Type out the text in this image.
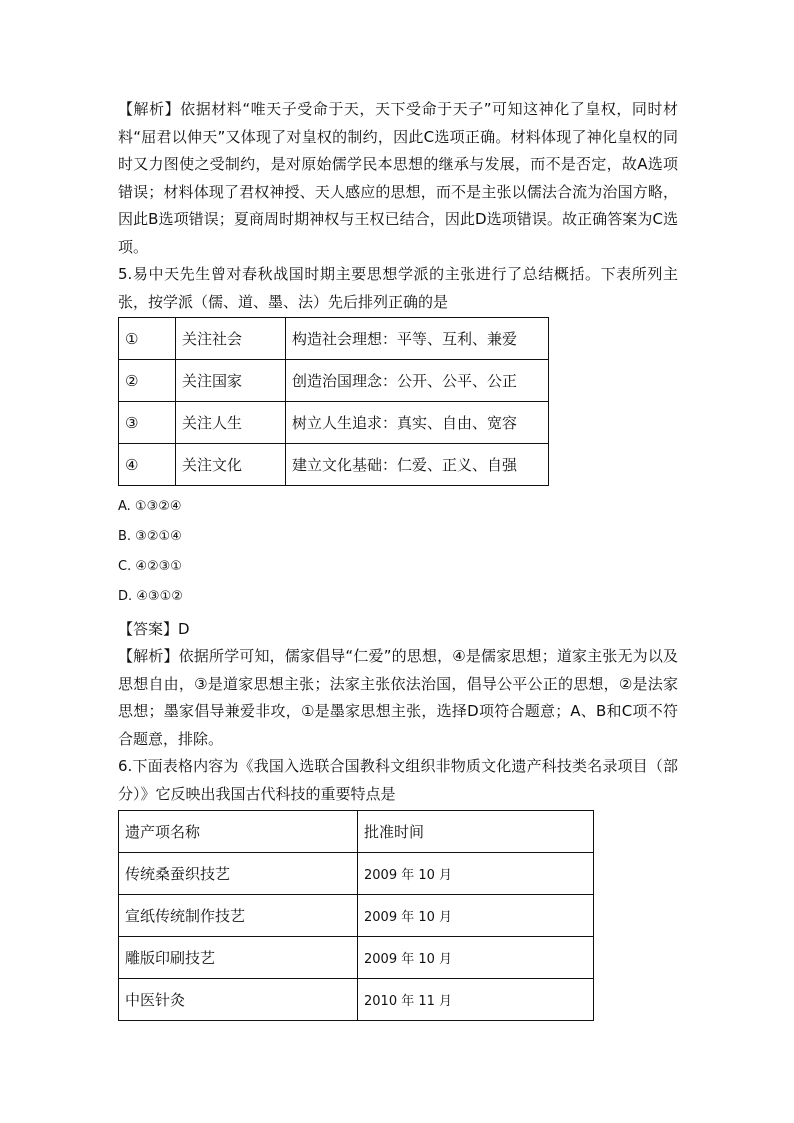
【解析】依据材料“唯天子受命于天，天下受命于天子”可知这神化了皇权，同时材料“屈君以伸天”又体现了对皇权的制约，因此C选项正确。材料体现了神化皇权的同时又力图使之受制约，是对原始儒学民本思想的继承与发展，而不是否定，故A选项错误；材料体现了君权神授、天人感应的思想，而不是主张以儒法合流为治国方略，因此B选项错误；夏商周时期神权与王权已结合，因此D选项错误。故正确答案为C选项。

5.易中天先生曾对春秋战国时期主要思想学派的主张进行了总结概括。下表所列主张，按学派（儒、道、墨、法）先后排列正确的是

①	关注社会	构造社会理想：平等、互利、兼爱
②	关注国家	创造治国理念：公开、公平、公正
③	关注人生	树立人生追求：真实、自由、宽容
④	关注文化	建立文化基础：仁爱、正义、自强

A. ①③②④

B. ③②①④

C. ④②③①

D. ④③①②

【答案】D

【解析】依据所学可知，儒家倡导“仁爱”的思想，④是儒家思想；道家主张无为以及思想自由，③是道家思想主张；法家主张依法治国，倡导公平公正的思想，②是法家思想；墨家倡导兼爱非攻，①是墨家思想主张，选择D项符合题意；A、B和C项不符合题意，排除。

6.下面表格内容为《我国入选联合国教科文组织非物质文化遗产科技类名录项目（部分）》它反映出我国古代科技的重要特点是

遗产项名称	批准时间
传统桑蚕织技艺	2009 年 10 月
宣纸传统制作技艺	2009 年 10 月
雕版印刷技艺	2009 年 10 月
中医针灸	2010 年 11 月
